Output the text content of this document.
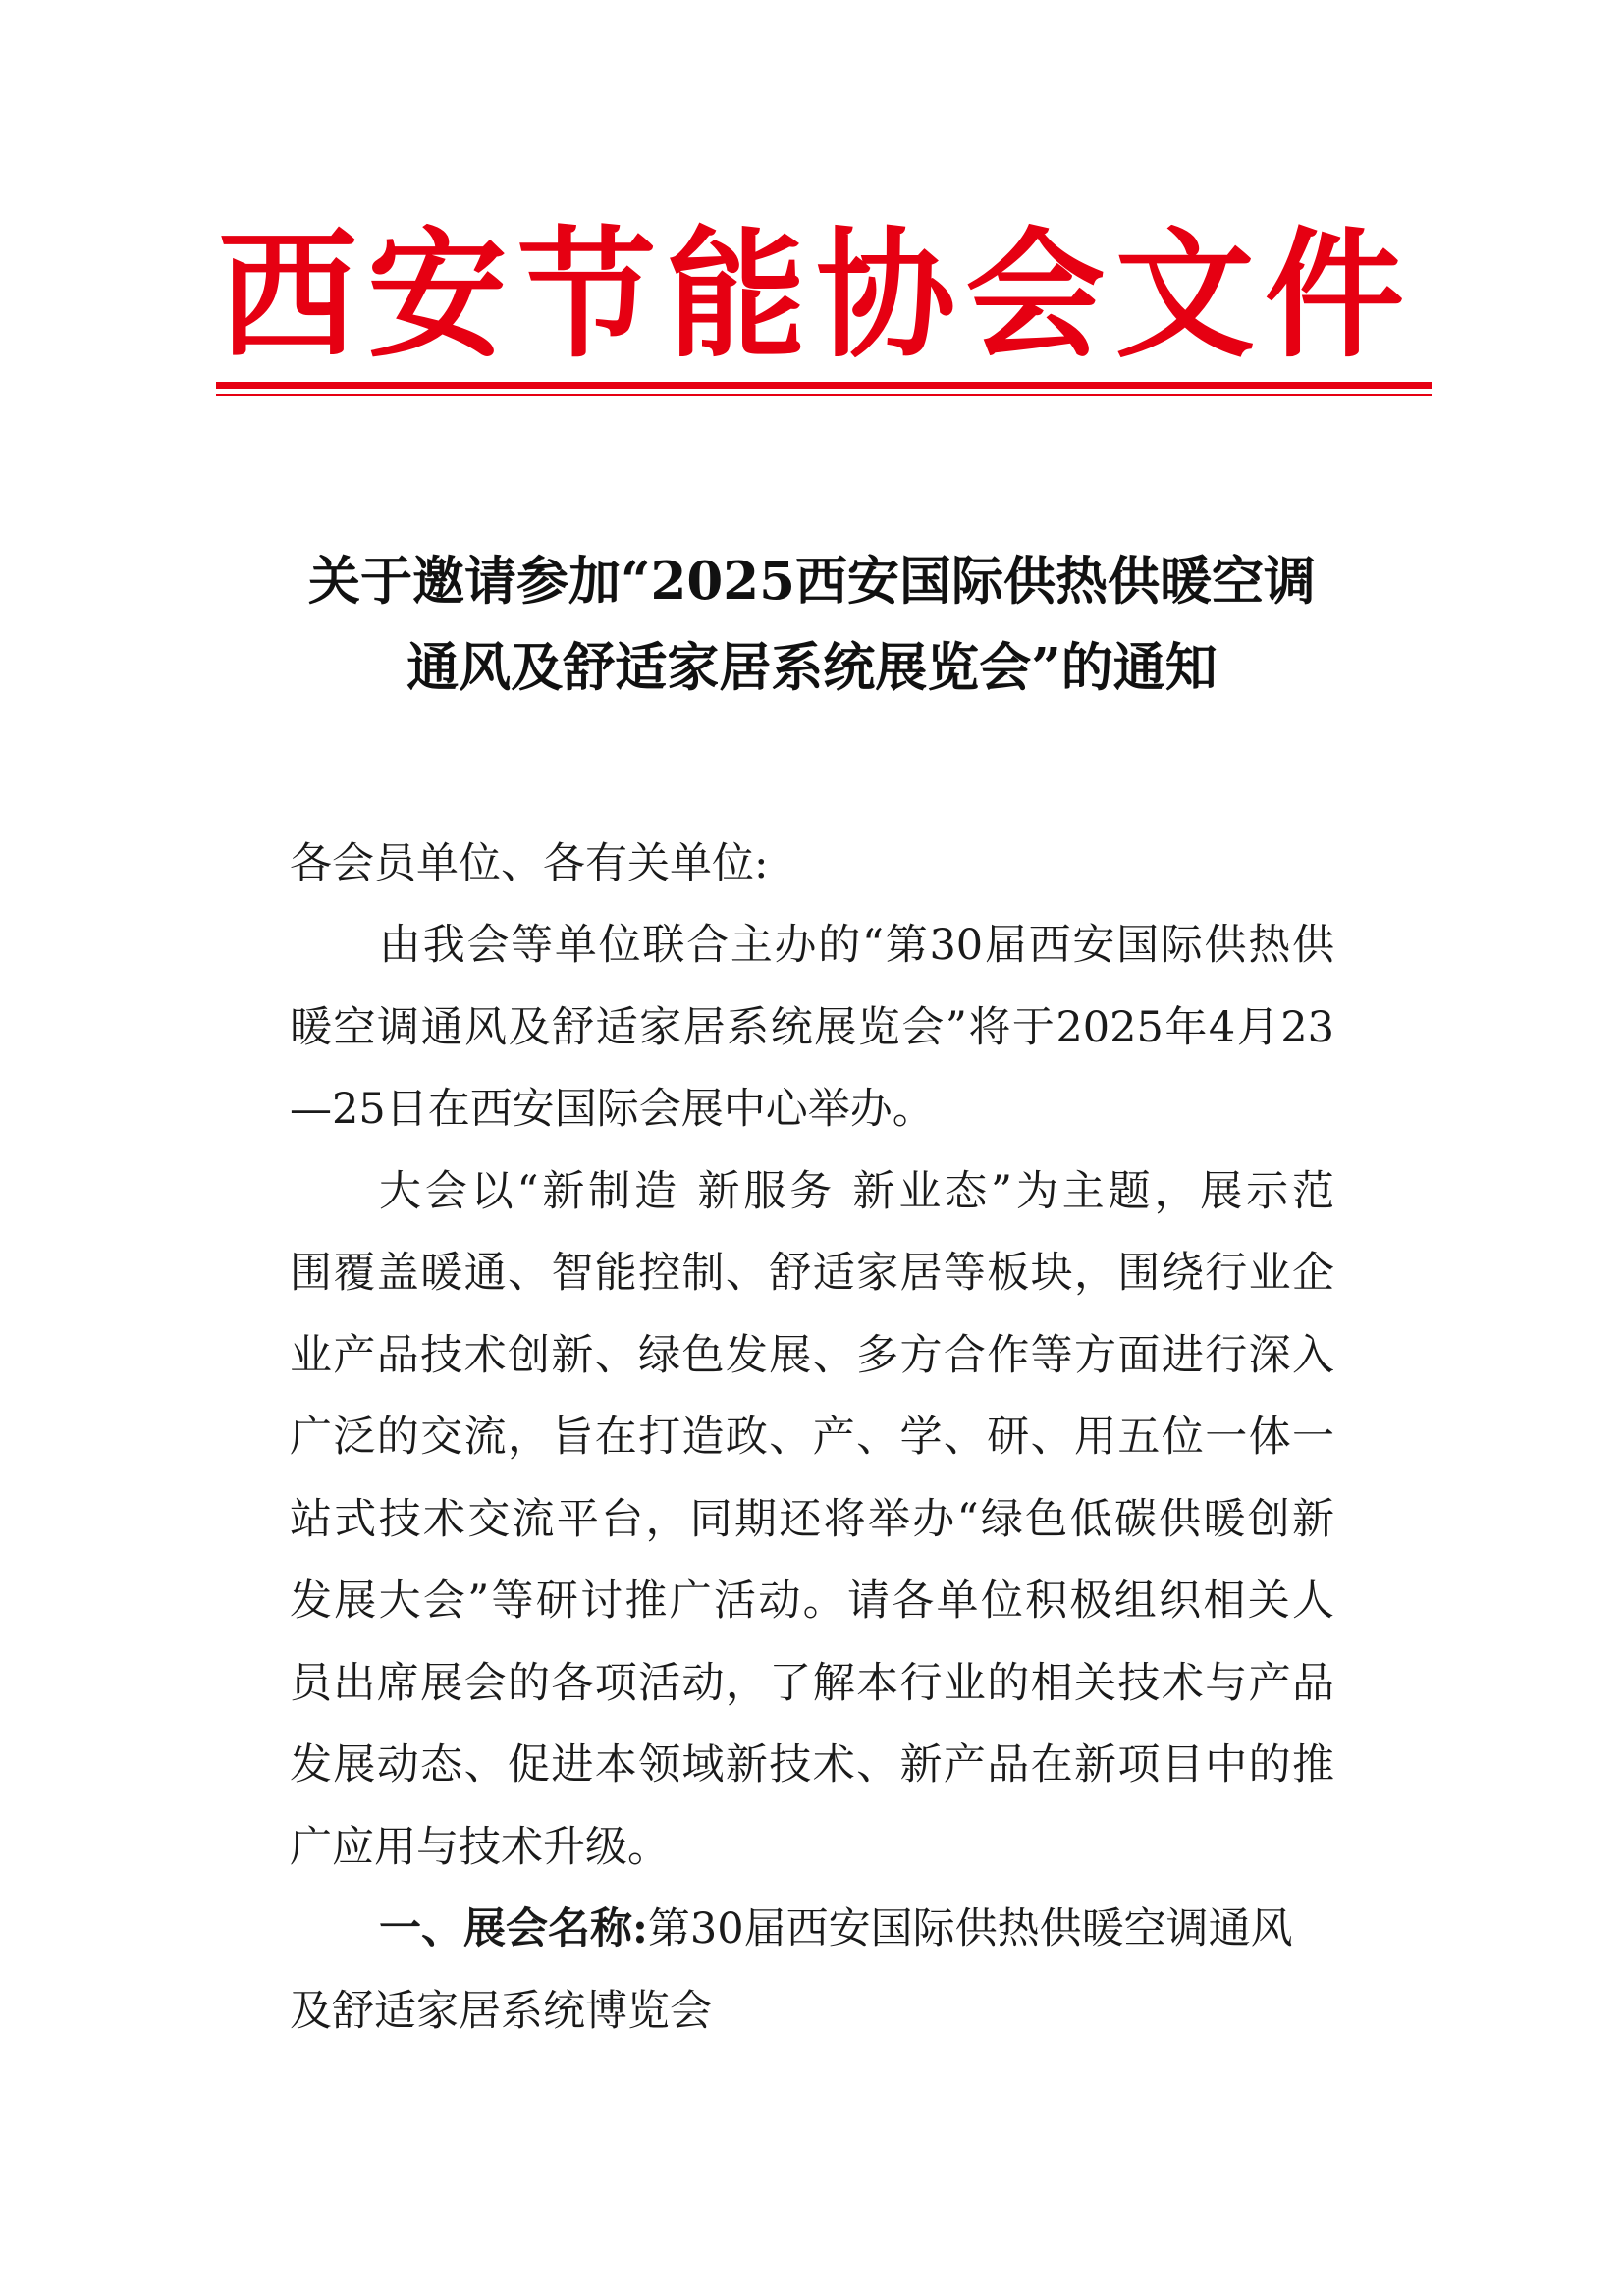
西安节能协会文件
关于邀请参加“2025西安国际供热供暖空调
通风及舒适家居系统展览会”的通知
各会员单位、各有关单位:
由我会等单位联合主办的“第30届西安国际供热供
暖空调通风及舒适家居系统展览会”将于2025年4月23
—25日在西安国际会展中心举办。
大会以“新制造 新服务 新业态”为主题，展示范
围覆盖暖通、智能控制、舒适家居等板块，围绕行业企
业产品技术创新、绿色发展、多方合作等方面进行深入
广泛的交流，旨在打造政、产、学、研、用五位一体一
站式技术交流平台，同期还将举办“绿色低碳供暖创新
发展大会”等研讨推广活动。请各单位积极组织相关人
员出席展会的各项活动，了解本行业的相关技术与产品
发展动态、促进本领域新技术、新产品在新项目中的推
广应用与技术升级。
一、展会名称:第30届西安国际供热供暖空调通风
及舒适家居系统博览会
